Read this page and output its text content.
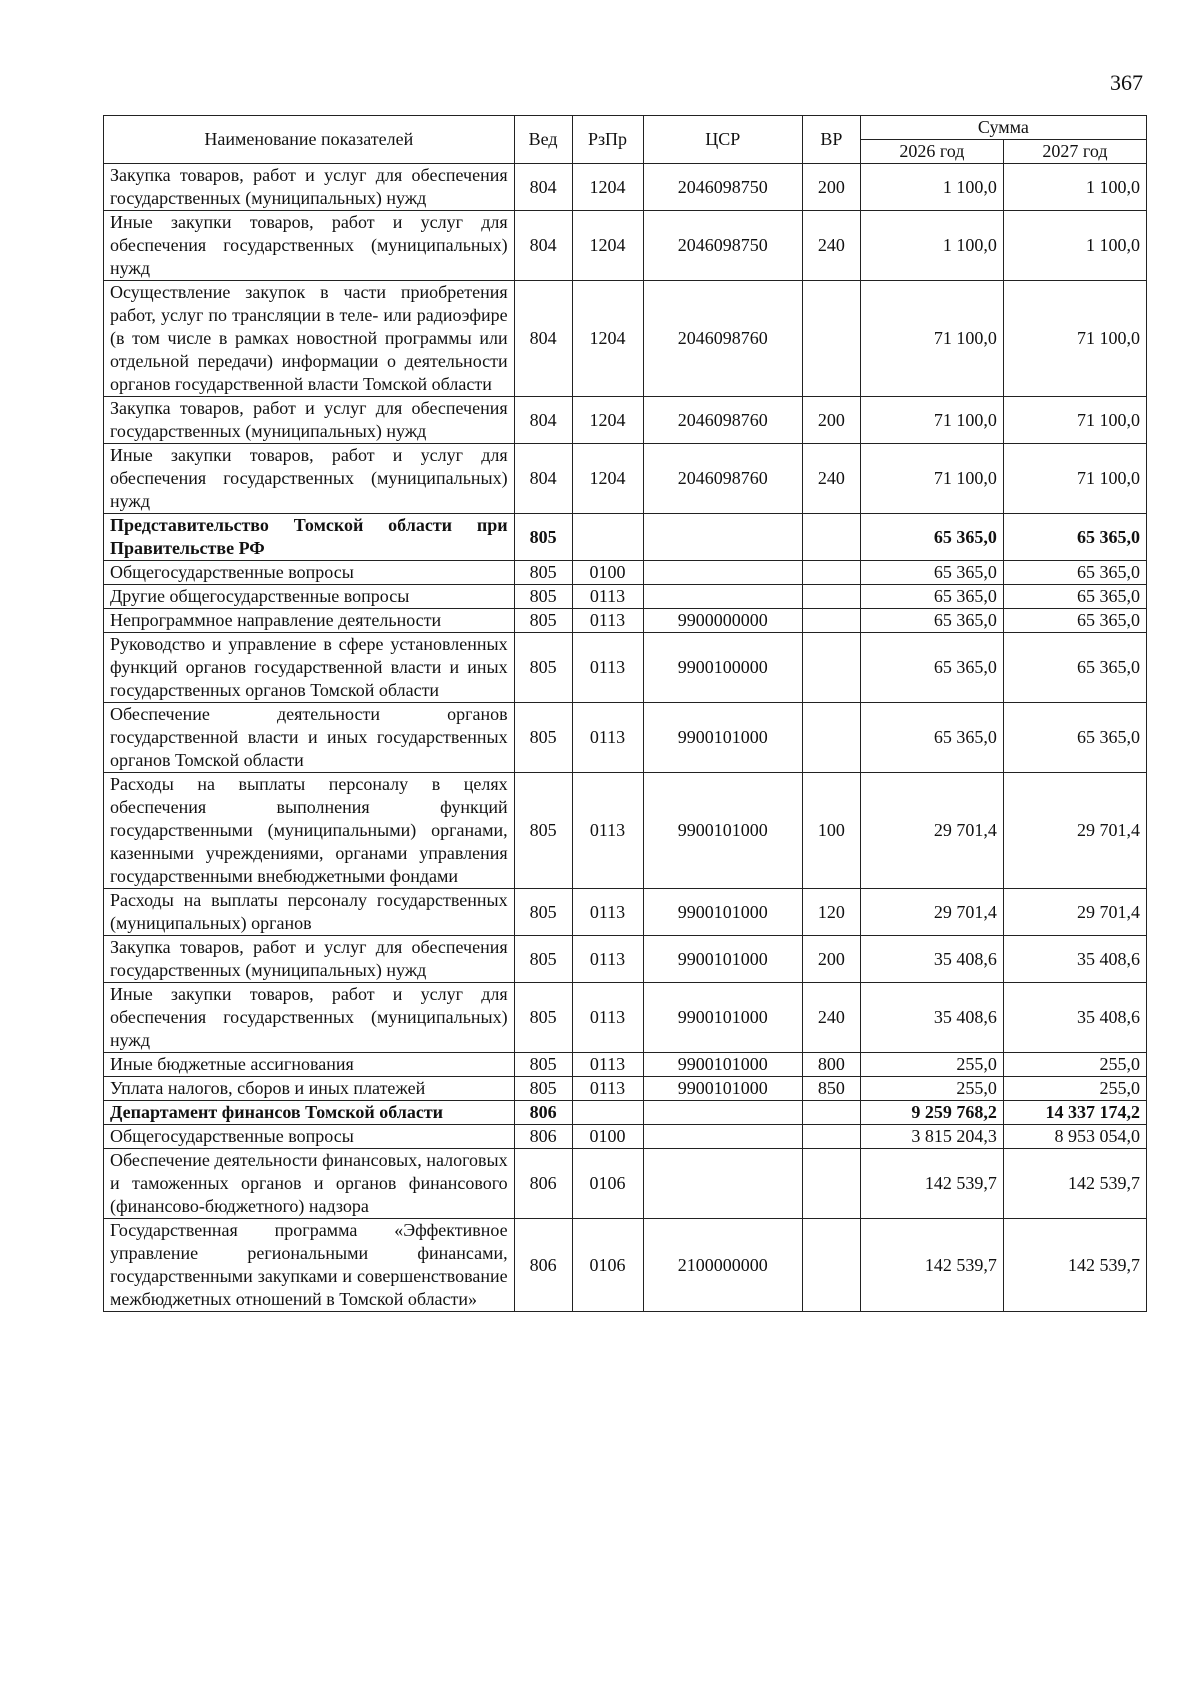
367
Наименование показателей	Вед	РзПр	ЦСР	ВР	Сумма	
					2026 год	2027 год
Закупка товаров, работ и услуг для обеспечения государственных (муниципальных) нужд	804	1204	2046098750	200	1 100,0	1 100,0
Иные закупки товаров, работ и услуг для обеспечения государственных (муниципальных) нужд	804	1204	2046098750	240	1 100,0	1 100,0
Осуществление закупок в части приобретения работ, услуг по трансляции в теле- или радиоэфире (в том числе в рамках новостной программы или отдельной передачи) информации о деятельности органов государственной власти Томской области	804	1204	2046098760		71 100,0	71 100,0
Закупка товаров, работ и услуг для обеспечения государственных (муниципальных) нужд	804	1204	2046098760	200	71 100,0	71 100,0
Иные закупки товаров, работ и услуг для обеспечения государственных (муниципальных) нужд	804	1204	2046098760	240	71 100,0	71 100,0
Представительство Томской области при Правительстве РФ	805				65 365,0	65 365,0
Общегосударственные вопросы	805	0100			65 365,0	65 365,0
Другие общегосударственные вопросы	805	0113			65 365,0	65 365,0
Непрограммное направление деятельности	805	0113	9900000000		65 365,0	65 365,0
Руководство и управление в сфере установленных функций органов государственной власти и иных государственных органов Томской области	805	0113	9900100000		65 365,0	65 365,0
Обеспечение деятельности органов государственной власти и иных государственных органов Томской области	805	0113	9900101000		65 365,0	65 365,0
Расходы на выплаты персоналу в целях обеспечения выполнения функций государственными (муниципальными) органами, казенными учреждениями, органами управления государственными внебюджетными фондами	805	0113	9900101000	100	29 701,4	29 701,4
Расходы на выплаты персоналу государственных (муниципальных) органов	805	0113	9900101000	120	29 701,4	29 701,4
Закупка товаров, работ и услуг для обеспечения государственных (муниципальных) нужд	805	0113	9900101000	200	35 408,6	35 408,6
Иные закупки товаров, работ и услуг для обеспечения государственных (муниципальных) нужд	805	0113	9900101000	240	35 408,6	35 408,6
Иные бюджетные ассигнования	805	0113	9900101000	800	255,0	255,0
Уплата налогов, сборов и иных платежей	805	0113	9900101000	850	255,0	255,0
Департамент финансов Томской области	806				9 259 768,2	14 337 174,2
Общегосударственные вопросы	806	0100			3 815 204,3	8 953 054,0
Обеспечение деятельности финансовых, налоговых и таможенных органов и органов финансового (финансово-бюджетного) надзора	806	0106			142 539,7	142 539,7
Государственная программа «Эффективное управление региональными финансами, государственными закупками и совершенствование межбюджетных отношений в Томской области»	806	0106	2100000000		142 539,7	142 539,7
